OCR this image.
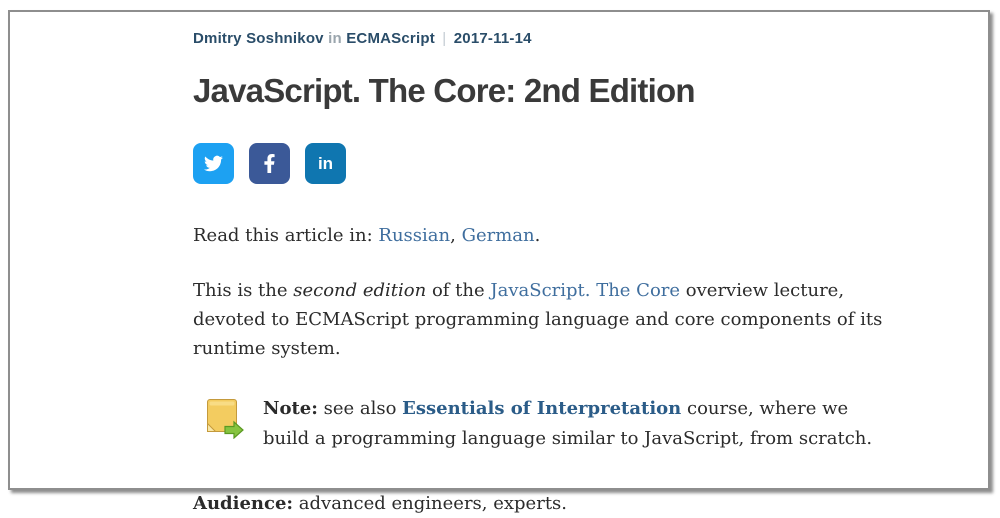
Dmitry Soshnikov in ECMAScript | 2017-11-14
JavaScript. The Core: 2nd Edition
in

Read this article in: Russian, German.

This is the second edition of the JavaScript. The Core overview lecture, devoted to ECMAScript programming language and core components of its runtime system.

Note: see also Essentials of Interpretation course, where we build a programming language similar to JavaScript, from scratch.

Audience: advanced engineers, experts.
